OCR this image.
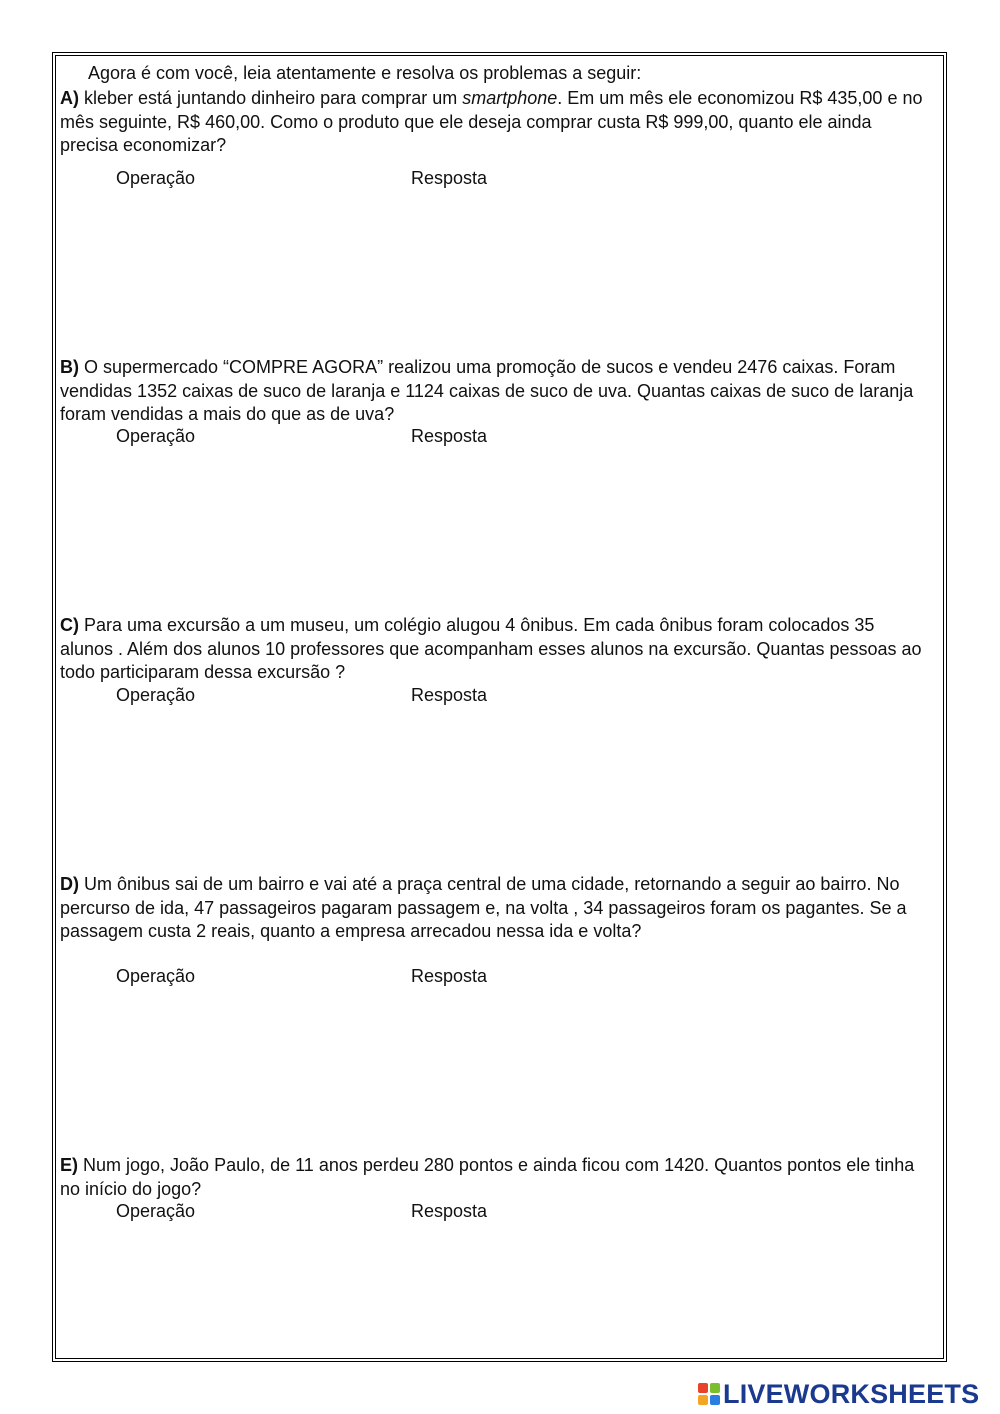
Agora é com você, leia atentamente e resolva os problemas a seguir:
A) kleber está juntando dinheiro para comprar um smartphone. Em um mês ele economizou R$ 435,00 e no mês seguinte, R$ 460,00. Como o produto que ele deseja comprar custa R$ 999,00, quanto ele ainda precisa economizar?
Operação	Resposta
B) O supermercado “COMPRE AGORA” realizou uma promoção de sucos e vendeu 2476 caixas. Foram vendidas 1352 caixas de suco de laranja e 1124 caixas de suco de uva. Quantas caixas de suco de laranja foram vendidas a mais do que as de uva?
Operação	Resposta
C) Para uma excursão a um museu, um colégio alugou 4 ônibus. Em cada ônibus foram colocados 35 alunos . Além dos alunos 10 professores que acompanham esses alunos na excursão. Quantas pessoas ao todo participaram dessa excursão ?
Operação	Resposta
D) Um ônibus sai de um bairro e vai até a praça central de uma cidade, retornando a seguir ao bairro. No percurso de ida, 47 passageiros pagaram passagem e, na volta , 34 passageiros foram os pagantes. Se a passagem custa 2 reais, quanto a empresa arrecadou nessa ida e volta?
Operação	Resposta
E) Num jogo, João Paulo, de 11 anos perdeu 280 pontos e ainda ficou com 1420. Quantos pontos ele tinha no início do jogo?
Operação	Resposta
LIVEWORKSHEETS
